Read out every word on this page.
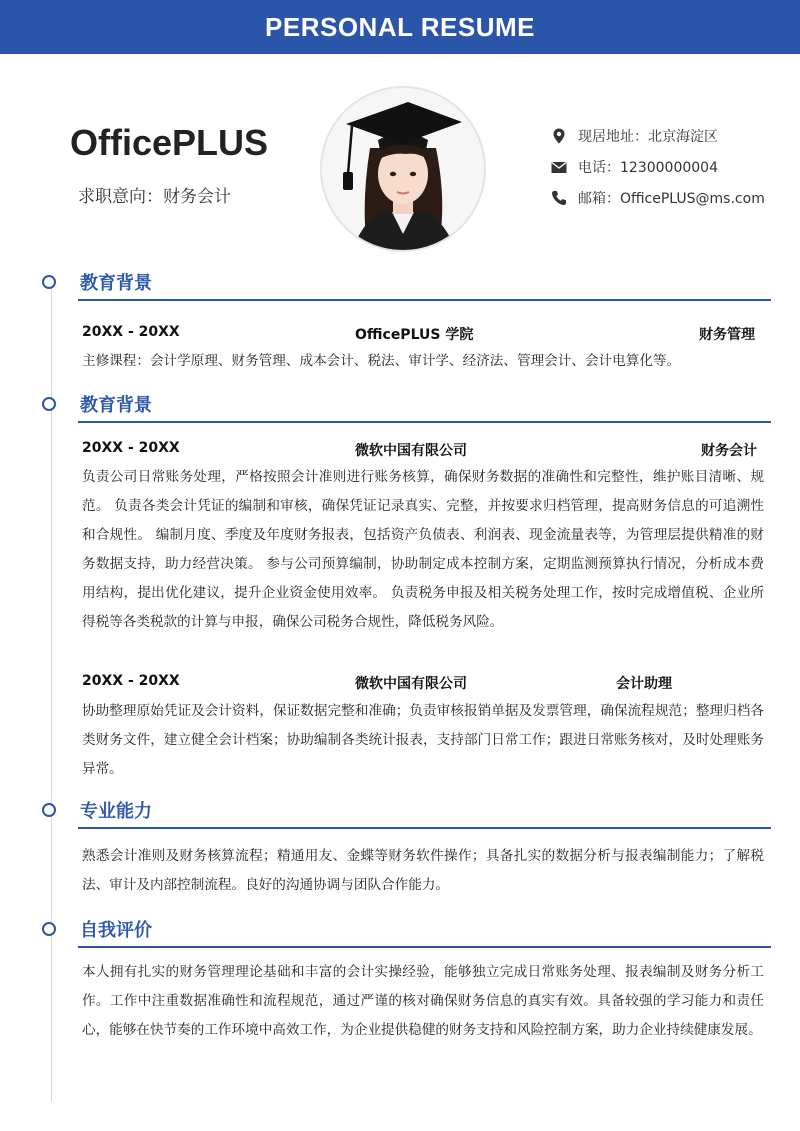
PERSONAL RESUME
OfficePLUS
求职意向：财务会计
现居地址：北京海淀区
电话：12300000004
邮箱：OfficePLUS@ms.com
教育背景
20XX - 20XX	OfficePLUS 学院	财务管理
主修课程：会计学原理、财务管理、成本会计、税法、审计学、经济法、管理会计、会计电算化等。
教育背景
20XX - 20XX	微软中国有限公司	财务会计
负责公司日常账务处理，严格按照会计准则进行账务核算，确保财务数据的准确性和完整性，维护账目清晰、规范。 负责各类会计凭证的编制和审核，确保凭证记录真实、完整，并按要求归档管理，提高财务信息的可追溯性和合规性。 编制月度、季度及年度财务报表，包括资产负债表、利润表、现金流量表等，为管理层提供精准的财务数据支持，助力经营决策。 参与公司预算编制，协助制定成本控制方案，定期监测预算执行情况，分析成本费用结构，提出优化建议，提升企业资金使用效率。 负责税务申报及相关税务处理工作，按时完成增值税、企业所得税等各类税款的计算与申报，确保公司税务合规性，降低税务风险。
20XX - 20XX	微软中国有限公司	会计助理
协助整理原始凭证及会计资料，保证数据完整和准确；负责审核报销单据及发票管理，确保流程规范；整理归档各类财务文件，建立健全会计档案；协助编制各类统计报表，支持部门日常工作；跟进日常账务核对，及时处理账务异常。
专业能力
熟悉会计准则及财务核算流程；精通用友、金蝶等财务软件操作；具备扎实的数据分析与报表编制能力；了解税法、审计及内部控制流程。良好的沟通协调与团队合作能力。
自我评价
本人拥有扎实的财务管理理论基础和丰富的会计实操经验，能够独立完成日常账务处理、报表编制及财务分析工作。工作中注重数据准确性和流程规范，通过严谨的核对确保财务信息的真实有效。具备较强的学习能力和责任心，能够在快节奏的工作环境中高效工作，为企业提供稳健的财务支持和风险控制方案，助力企业持续健康发展。
